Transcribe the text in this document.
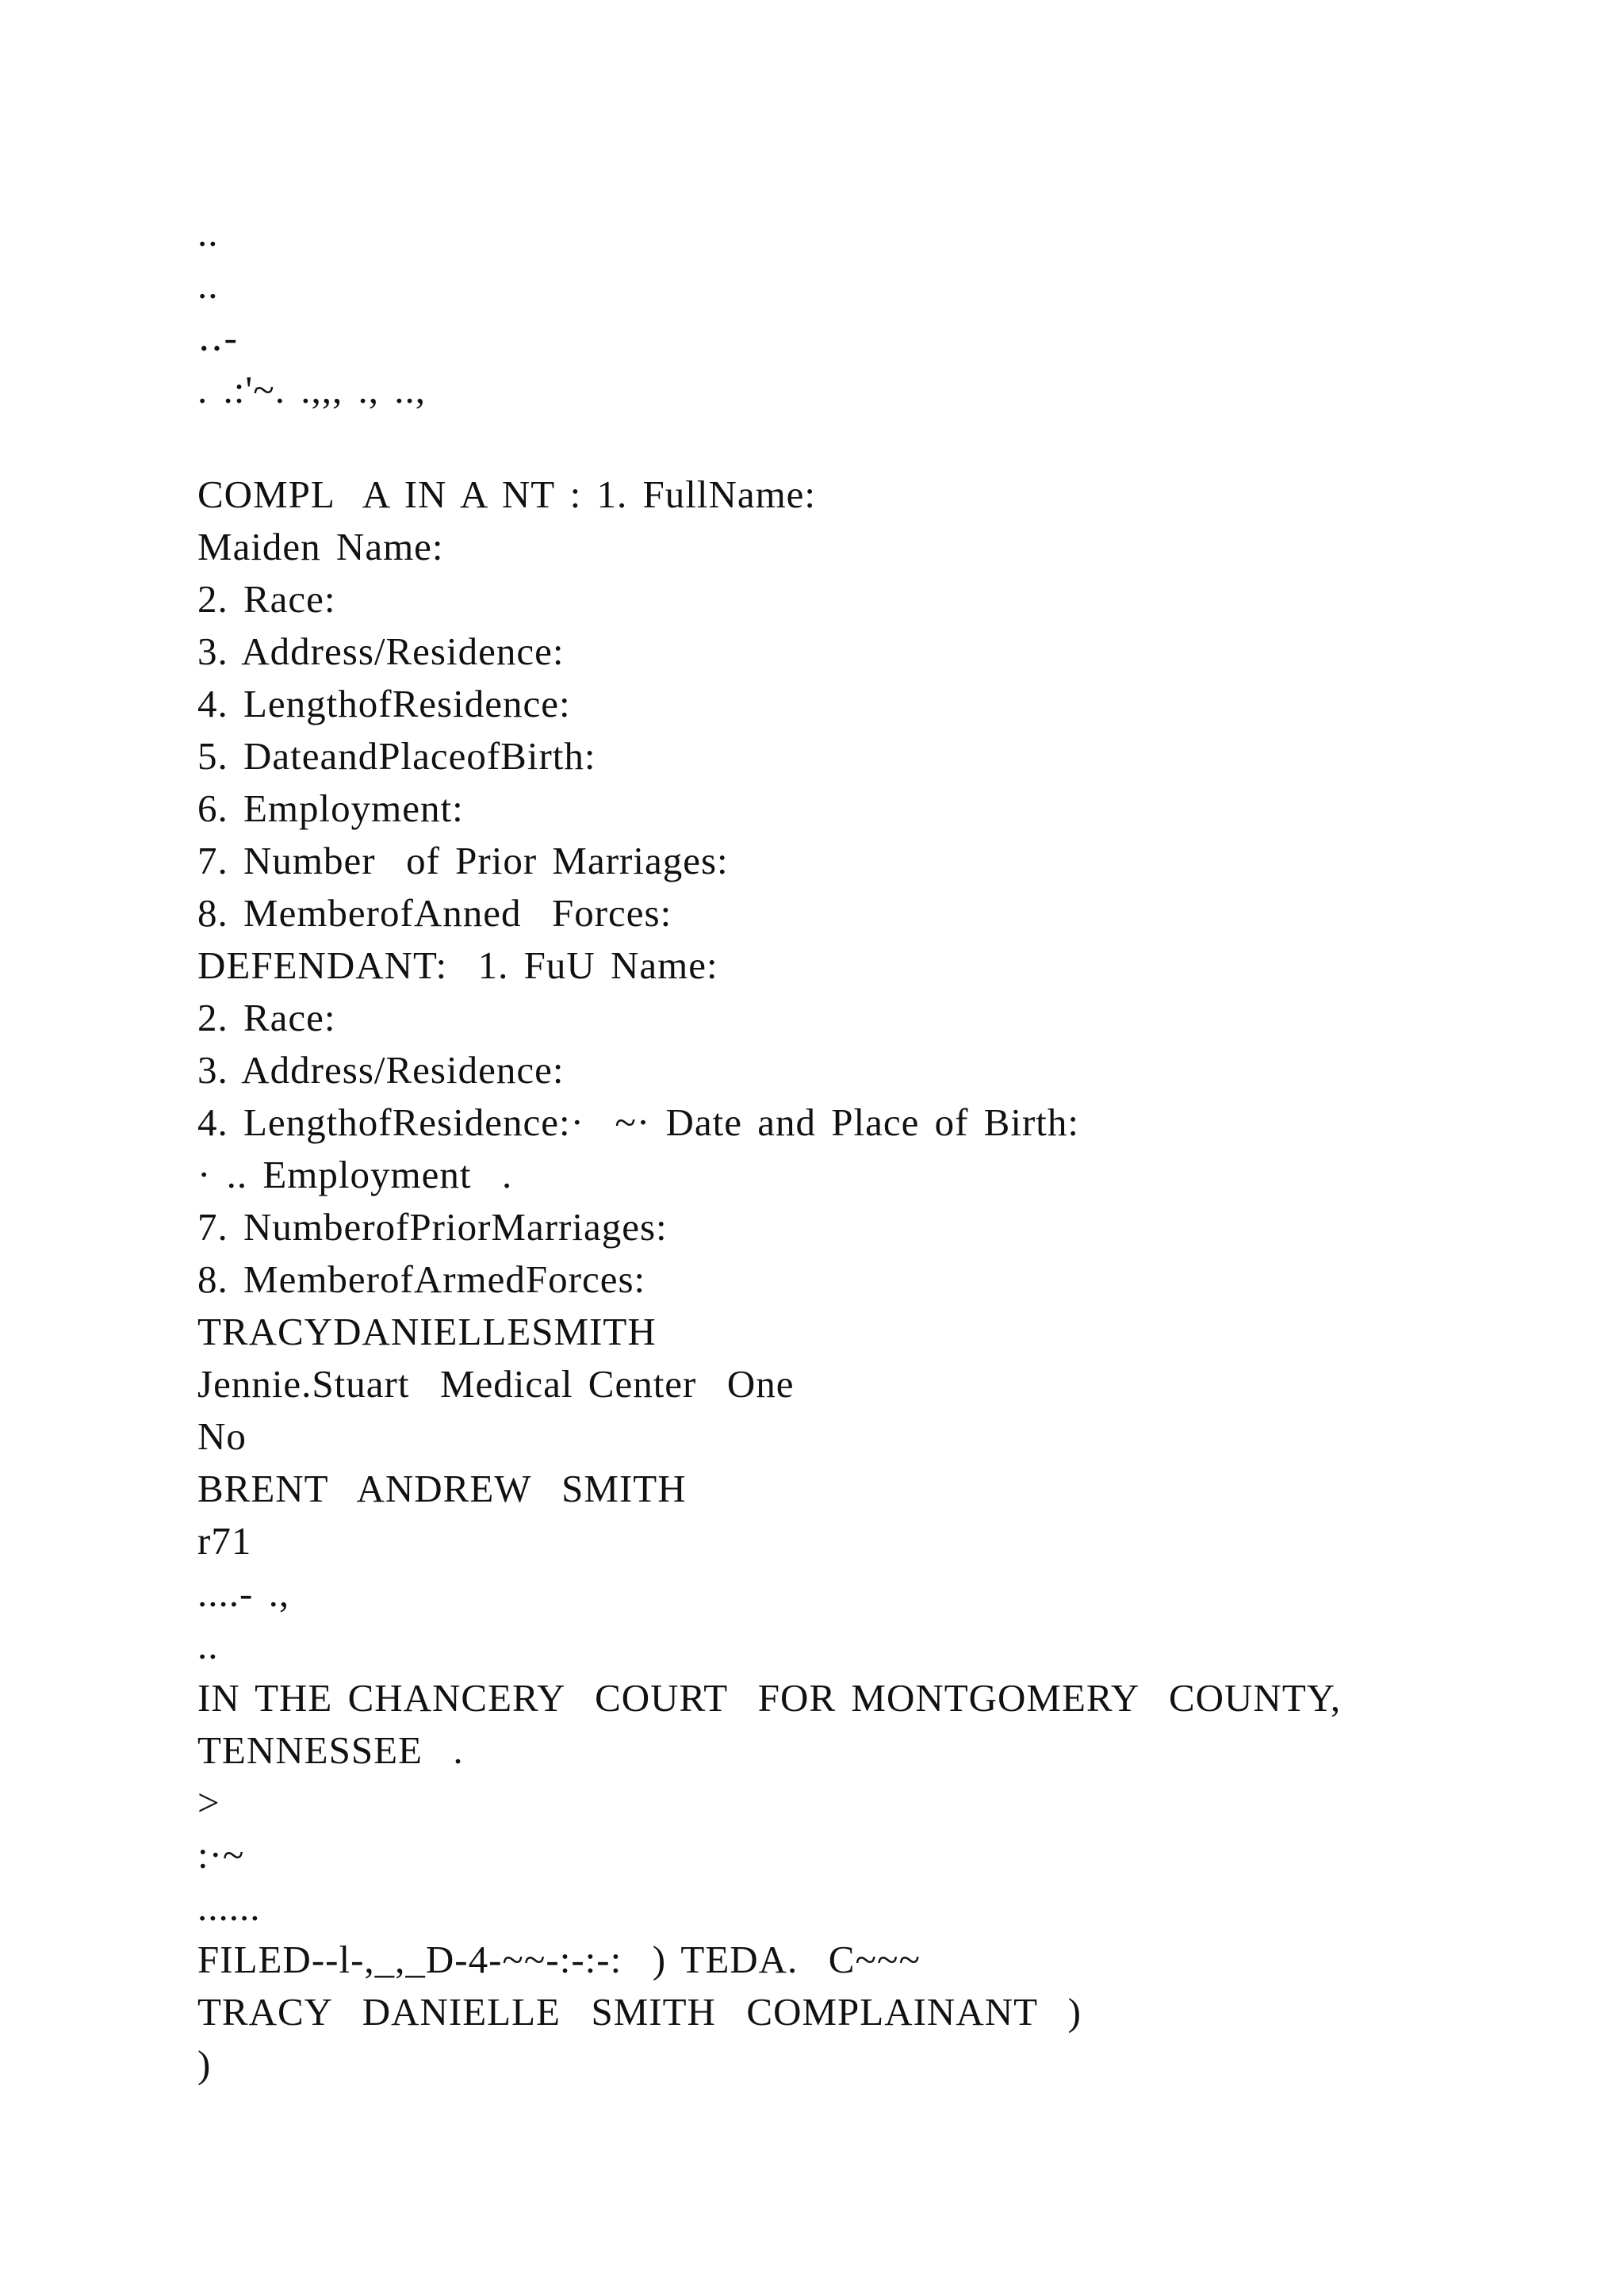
..
..
‥-
. .:'~. .,,, ., ..,
COMPL  A IN A NT : 1. FullName:
Maiden Name:
2. Race:
3. Address/Residence:
4. LengthofResidence:
5. DateandPlaceofBirth:
6. Employment:
7. Number  of Prior Marriages:
8. MemberofAnned  Forces:
DEFENDANT:  1. FuU Name:
2. Race:
3. Address/Residence:
4. LengthofResidence:·  ~· Date and Place of Birth:
· .. Employment  .
7. NumberofPriorMarriages:
8. MemberofArmedForces:
TRACYDANIELLESMITH
Jennie.Stuart  Medical Center  One
No
BRENT  ANDREW  SMITH
r71
....- .,
..
IN THE CHANCERY  COURT  FOR MONTGOMERY  COUNTY,
TENNESSEE  .
>
:·~
......
FILED--l-,_,_D-4-~~-:-:-:  ) TEDA.  C~~~
TRACY  DANIELLE  SMITH  COMPLAINANT  )
)
